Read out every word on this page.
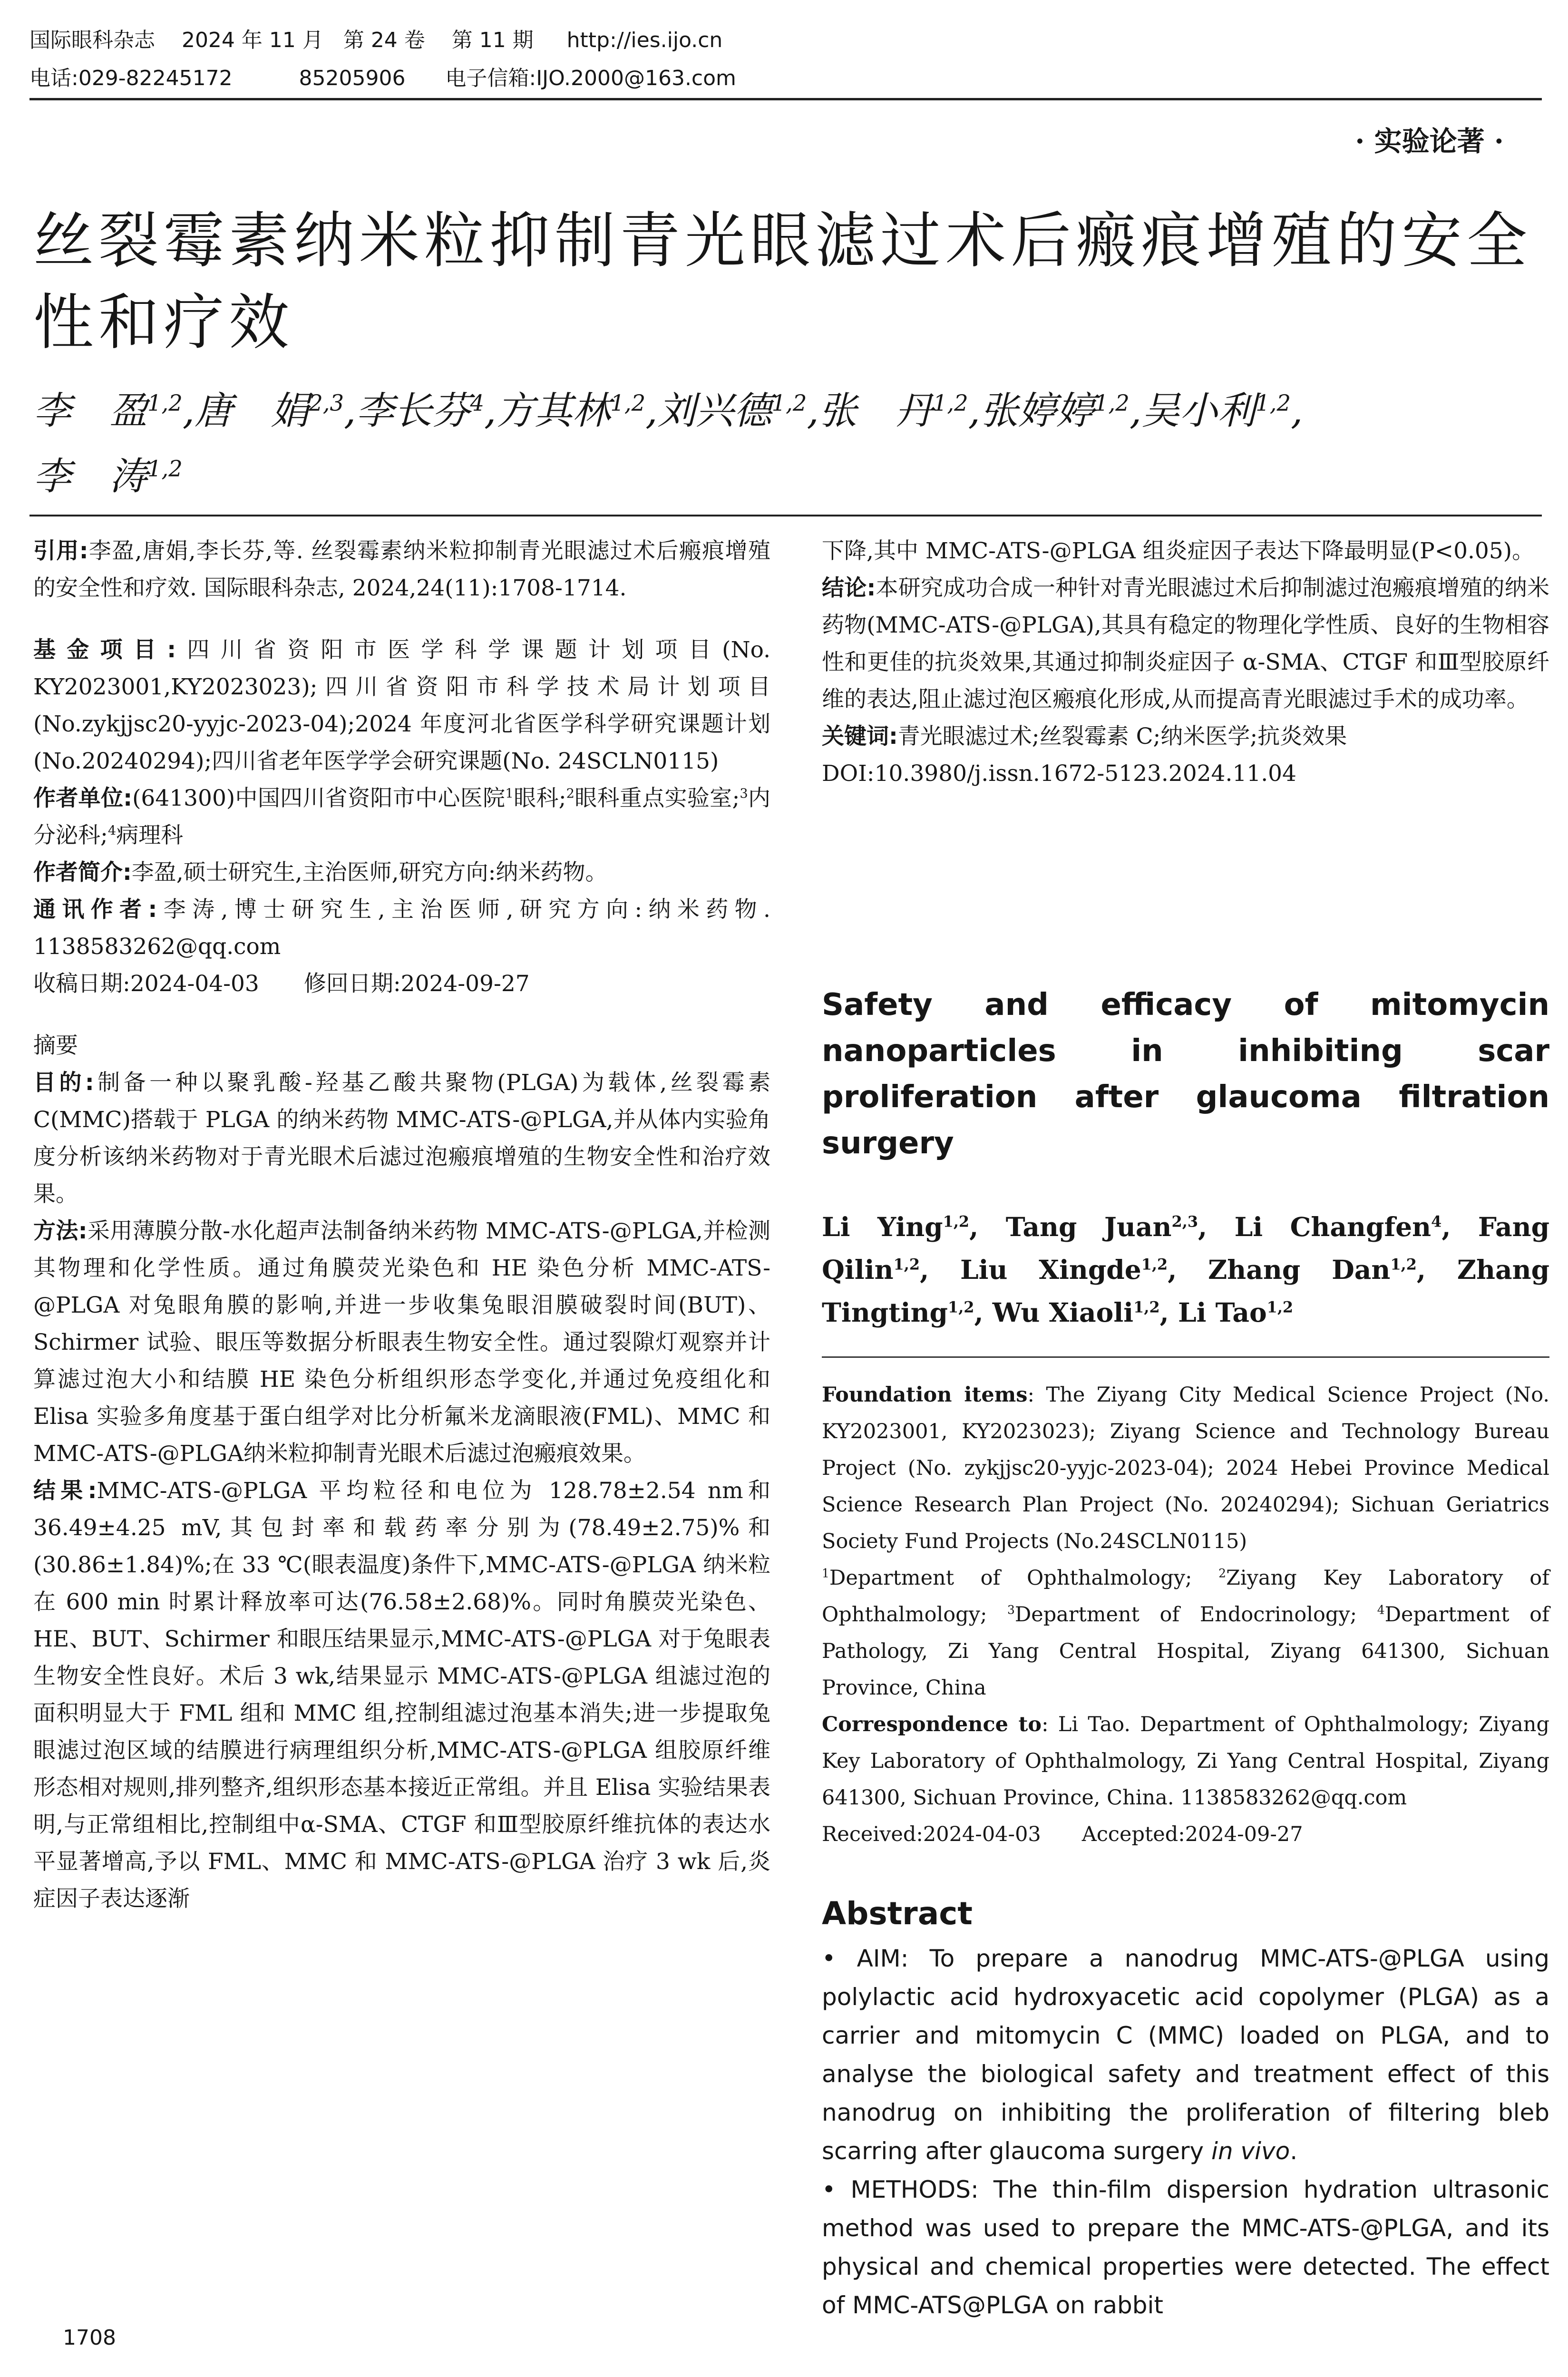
国际眼科杂志    2024 年 11 月   第 24 卷    第 11 期     http://ies.ijo.cn
电话:029-82245172          85205906      电子信箱:IJO.2000@163.com
· 实验论著 ·
丝裂霉素纳米粒抑制青光眼滤过术后瘢痕增殖的安全性和疗效
李　盈$^{1,2}$,唐　娟$^{2,3}$,李长芬$^4$,方其林$^{1,2}$,刘兴德$^{1,2}$,张　丹$^{1,2}$,张婷婷$^{1,2}$,吴小利$^{1,2}$,
李　涛$^{1,2}$

引用:李盈,唐娟,李长芬,等. 丝裂霉素纳米粒抑制青光眼滤过术后瘢痕增殖的安全性和疗效. 国际眼科杂志, 2024,24(11):1708-1714.

基金项目:四川省资阳市医学科学课题计划项目(No. KY2023001,KY2023023);四川省资阳市科学技术局计划项目(No.zykjjsc20-yyjc-2023-04);2024 年度河北省医学科学研究课题计划(No.20240294);四川省老年医学学会研究课题(No. 24SCLN0115)

作者单位:(641300)中国四川省资阳市中心医院$^1$眼科;$^2$眼科重点实验室;$^3$内分泌科;$^4$病理科

作者简介:李盈,硕士研究生,主治医师,研究方向:纳米药物。

通讯作者:李涛,博士研究生,主治医师,研究方向:纳米药物. 1138583262@qq.com

收稿日期:2024-04-03   修回日期:2024-09-27

摘要

目的:制备一种以聚乳酸-羟基乙酸共聚物(PLGA)为载体,丝裂霉素 C(MMC)搭载于 PLGA 的纳米药物 MMC-ATS-@PLGA,并从体内实验角度分析该纳米药物对于青光眼术后滤过泡瘢痕增殖的生物安全性和治疗效果。

方法:采用薄膜分散-水化超声法制备纳米药物 MMC-ATS-@PLGA,并检测其物理和化学性质。通过角膜荧光染色和 HE 染色分析 MMC-ATS-@PLGA 对兔眼角膜的影响,并进一步收集兔眼泪膜破裂时间(BUT)、Schirmer 试验、眼压等数据分析眼表生物安全性。通过裂隙灯观察并计算滤过泡大小和结膜 HE 染色分析组织形态学变化,并通过免疫组化和 Elisa 实验多角度基于蛋白组学对比分析氟米龙滴眼液(FML)、MMC 和 MMC-ATS-@PLGA纳米粒抑制青光眼术后滤过泡瘢痕效果。

结果:MMC-ATS-@PLGA 平均粒径和电位为 128.78±2.54 nm和 36.49±4.25 mV,其包封率和载药率分别为(78.49±2.75)%和(30.86±1.84)%;在 33 ℃(眼表温度)条件下,MMC-ATS-@PLGA 纳米粒在 600 min 时累计释放率可达(76.58±2.68)%。同时角膜荧光染色、HE、BUT、Schirmer 和眼压结果显示,MMC-ATS-@PLGA 对于兔眼表生物安全性良好。术后 3 wk,结果显示 MMC-ATS-@PLGA 组滤过泡的面积明显大于 FML 组和 MMC 组,控制组滤过泡基本消失;进一步提取兔眼滤过泡区域的结膜进行病理组织分析,MMC-ATS-@PLGA 组胶原纤维形态相对规则,排列整齐,组织形态基本接近正常组。并且 Elisa 实验结果表明,与正常组相比,控制组中α-SMA、CTGF 和Ⅲ型胶原纤维抗体的表达水平显著增高,予以 FML、MMC 和 MMC-ATS-@PLGA 治疗 3 wk 后,炎症因子表达逐渐

下降,其中 MMC-ATS-@PLGA 组炎症因子表达下降最明显(P<0.05)。

结论:本研究成功合成一种针对青光眼滤过术后抑制滤过泡瘢痕增殖的纳米药物(MMC-ATS-@PLGA),其具有稳定的物理化学性质、良好的生物相容性和更佳的抗炎效果,其通过抑制炎症因子 α-SMA、CTGF 和Ⅲ型胶原纤维的表达,阻止滤过泡区瘢痕化形成,从而提高青光眼滤过手术的成功率。

关键词:青光眼滤过术;丝裂霉素 C;纳米医学;抗炎效果

DOI:10.3980/j.issn.1672-5123.2024.11.04

Safety and efficacy of mitomycin nanoparticles in inhibiting scar proliferation after glaucoma filtration surgery
Li Ying$^{1,2}$, Tang Juan$^{2,3}$, Li Changfen$^4$, Fang Qilin$^{1,2}$, Liu Xingde$^{1,2}$, Zhang Dan$^{1,2}$, Zhang Tingting$^{1,2}$, Wu Xiaoli$^{1,2}$, Li Tao$^{1,2}$

Foundation items: The Ziyang City Medical Science Project (No. KY2023001, KY2023023); Ziyang Science and Technology Bureau Project (No. zykjjsc20-yyjc-2023-04); 2024 Hebei Province Medical Science Research Plan Project (No. 20240294); Sichuan Geriatrics Society Fund Projects (No.24SCLN0115)

$^1$Department of Ophthalmology; $^2$Ziyang Key Laboratory of Ophthalmology; $^3$Department of Endocrinology; $^4$Department of Pathology, Zi Yang Central Hospital, Ziyang 641300, Sichuan Province, China

Correspondence to: Li Tao. Department of Ophthalmology; Ziyang Key Laboratory of Ophthalmology, Zi Yang Central Hospital, Ziyang 641300, Sichuan Province, China. 1138583262@qq.com

Received:2024-04-03   Accepted:2024-09-27

Abstract

• AIM: To prepare a nanodrug MMC-ATS-@PLGA using polylactic acid hydroxyacetic acid copolymer (PLGA) as a carrier and mitomycin C (MMC) loaded on PLGA, and to analyse the biological safety and treatment effect of this nanodrug on inhibiting the proliferation of filtering bleb scarring after glaucoma surgery in vivo.

• METHODS: The thin-film dispersion hydration ultrasonic method was used to prepare the MMC-ATS-@PLGA, and its physical and chemical properties were detected. The effect of MMC-ATS@PLGA on rabbit

1708
